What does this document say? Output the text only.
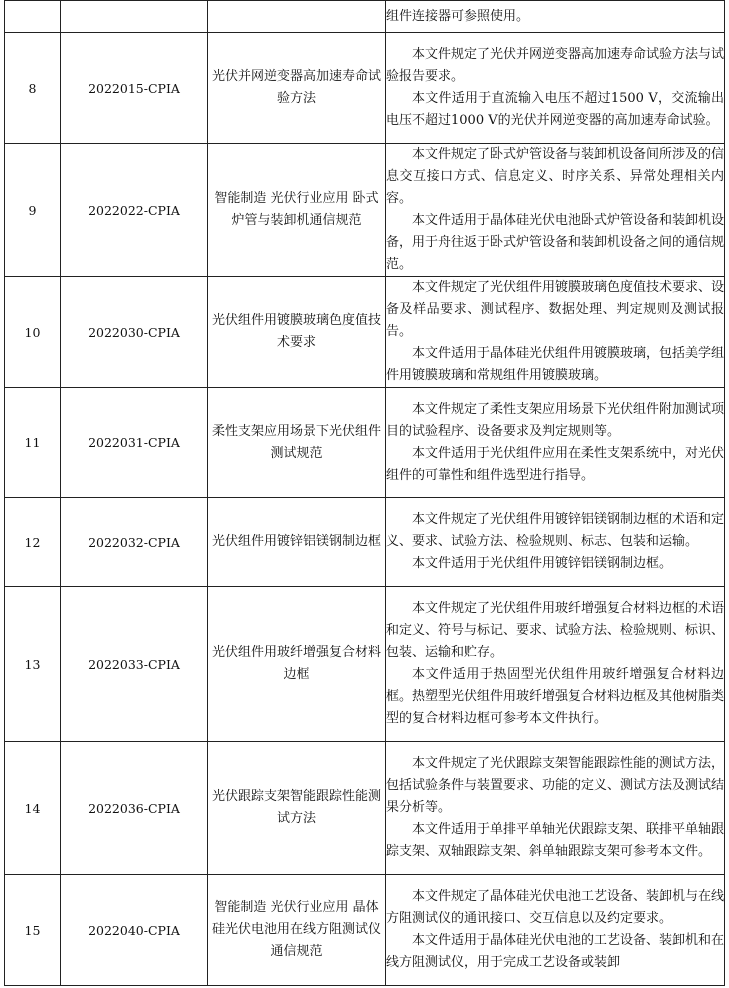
			组件连接器可参照使用。

8	2022015-CPIA	光伏并网逆变器高加速寿命试验方法	本文件规定了光伏并网逆变器高加速寿命试验方法与试验报告要求。
本文件适用于直流输入电压不超过1500 V，交流输出电压不超过1000 V的光伏并网逆变器的高加速寿命试验。

9	2022022-CPIA	智能制造 光伏行业应用 卧式炉管与装卸机通信规范	本文件规定了卧式炉管设备与装卸机设备间所涉及的信息交互接口方式、信息定义、时序关系、异常处理相关内容。
本文件适用于晶体硅光伏电池卧式炉管设备和装卸机设备，用于舟往返于卧式炉管设备和装卸机设备之间的通信规范。

10	2022030-CPIA	光伏组件用镀膜玻璃色度值技术要求	本文件规定了光伏组件用镀膜玻璃色度值技术要求、设备及样品要求、测试程序、数据处理、判定规则及测试报告。
本文件适用于晶体硅光伏组件用镀膜玻璃，包括美学组件用镀膜玻璃和常规组件用镀膜玻璃。

11	2022031-CPIA	柔性支架应用场景下光伏组件测试规范	本文件规定了柔性支架应用场景下光伏组件附加测试项目的试验程序、设备要求及判定规则等。
本文件适用于光伏组件应用在柔性支架系统中，对光伏组件的可靠性和组件选型进行指导。

12	2022032-CPIA	光伏组件用镀锌铝镁钢制边框	本文件规定了光伏组件用镀锌铝镁钢制边框的术语和定义、要求、试验方法、检验规则、标志、包装和运输。
本文件适用于光伏组件用镀锌铝镁钢制边框。

13	2022033-CPIA	光伏组件用玻纤增强复合材料边框	本文件规定了光伏组件用玻纤增强复合材料边框的术语和定义、符号与标记、要求、试验方法、检验规则、标识、包装、运输和贮存。
本文件适用于热固型光伏组件用玻纤增强复合材料边框。热塑型光伏组件用玻纤增强复合材料边框及其他树脂类型的复合材料边框可参考本文件执行。

14	2022036-CPIA	光伏跟踪支架智能跟踪性能测试方法	本文件规定了光伏跟踪支架智能跟踪性能的测试方法，包括试验条件与装置要求、功能的定义、测试方法及测试结果分析等。
本文件适用于单排平单轴光伏跟踪支架、联排平单轴跟踪支架、双轴跟踪支架、斜单轴跟踪支架可参考本文件。

15	2022040-CPIA	智能制造 光伏行业应用 晶体硅光伏电池用在线方阻测试仪通信规范	本文件规定了晶体硅光伏电池工艺设备、装卸机与在线方阻测试仪的通讯接口、交互信息以及约定要求。
本文件适用于晶体硅光伏电池的工艺设备、装卸机和在线方阻测试仪，用于完成工艺设备或装卸
